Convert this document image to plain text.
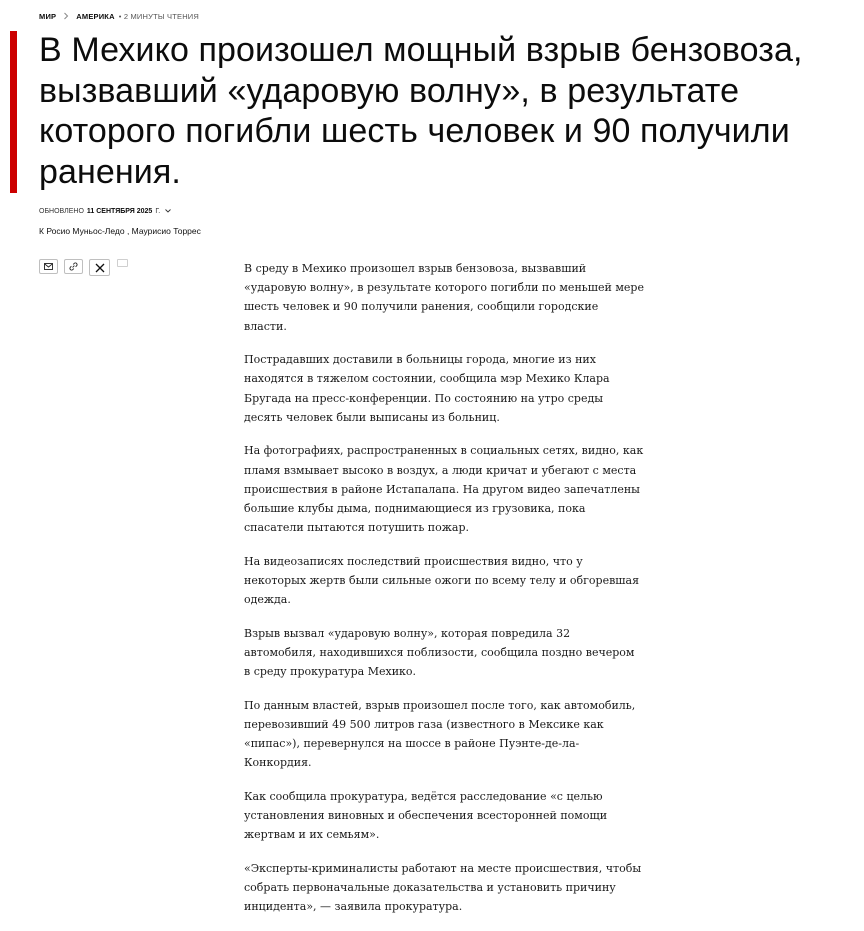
МИР	АМЕРИКА • 2 МИНУТЫ ЧТЕНИЯ
В Мехико произошел мощный взрыв бензовоза, вызвавший «ударовую волну», в результате которого погибли шесть человек и 90 получили ранения.
ОБНОВЛЕНО 11 СЕНТЯБРЯ 2025 Г.
К Росио Муньос-Ледо , Маурисио Торрес

В среду в Мехико произошел взрыв бензовоза, вызвавший «ударовую волну», в результате которого погибли по меньшей мере шесть человек и 90 получили ранения, сообщили городские власти.

Пострадавших доставили в больницы города, многие из них находятся в тяжелом состоянии, сообщила мэр Мехико Клара Бругада на пресс-конференции. По состоянию на утро среды десять человек были выписаны из больниц.

На фотографиях, распространенных в социальных сетях, видно, как пламя взмывает высоко в воздух, а люди кричат и убегают с места происшествия в районе Истапалапа. На другом видео запечатлены большие клубы дыма, поднимающиеся из грузовика, пока спасатели пытаются потушить пожар.

На видеозаписях последствий происшествия видно, что у некоторых жертв были сильные ожоги по всему телу и обгоревшая одежда.

Взрыв вызвал «ударовую волну», которая повредила 32 автомобиля, находившихся поблизости, сообщила поздно вечером в среду прокуратура Мехико.

По данным властей, взрыв произошел после того, как автомобиль, перевозивший 49 500 литров газа (известного в Мексике как «пипас»), перевернулся на шоссе в районе Пуэнте-де-ла-Конкордия.

Как сообщила прокуратура, ведётся расследование «с целью установления виновных и обеспечения всесторонней помощи жертвам и их семьям».

«Эксперты-криминалисты работают на месте происшествия, чтобы собрать первоначальные доказательства и установить причину инцидента», — заявила прокуратура.
